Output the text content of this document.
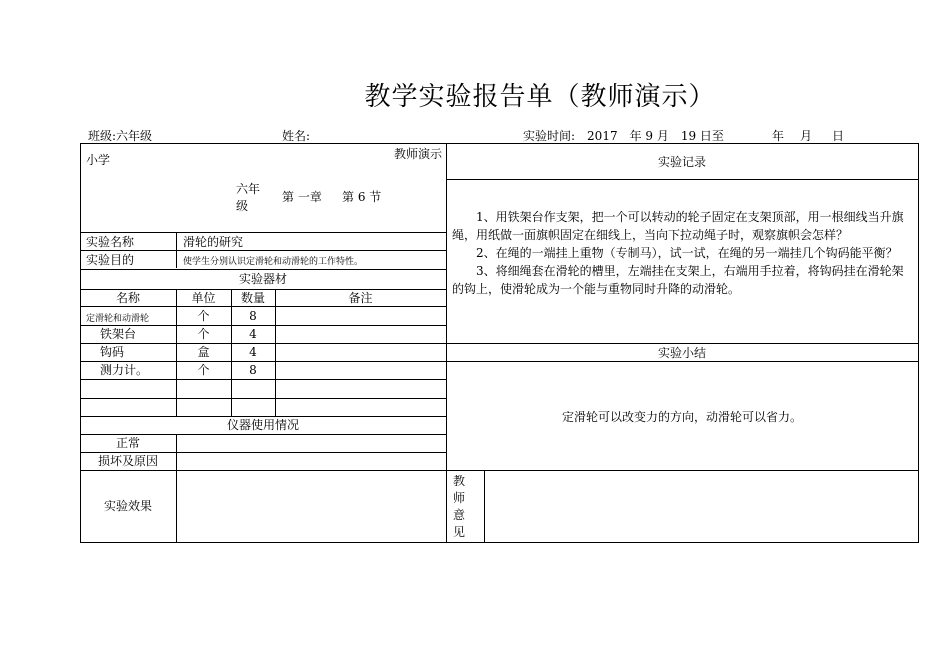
教学实验报告单（教师演示）
班级:六年级	姓名:	实验时间:　2017　年 9 月　19 日至	年 月 日
小学	教师演示
六年级
第 一章 第 6 节
实验名称	滑轮的研究
实验目的	使学生分别认识定滑轮和动滑轮的工作特性。
实验器材
名称	单位	数量	备注
定滑轮和动滑轮	个	8
铁架台	个	4
钩码	盒	4
测力计。	个	8
仪器使用情况
正常
损坏及原因
实验效果
实验记录
1、用铁架台作支架，把一个可以转动的轮子固定在支架顶部，用一根细线当升旗绳，用纸做一面旗帜固定在细线上，当向下拉动绳子时，观察旗帜会怎样？
2、在绳的一端挂上重物（专制马），试一试，在绳的另一端挂几个钩码能平衡？
3、将细绳套在滑轮的槽里，左端挂在支架上，右端用手拉着，将钩码挂在滑轮架的钩上，使滑轮成为一个能与重物同时升降的动滑轮。
实验小结
定滑轮可以改变力的方向，动滑轮可以省力。
教
师
意
见
